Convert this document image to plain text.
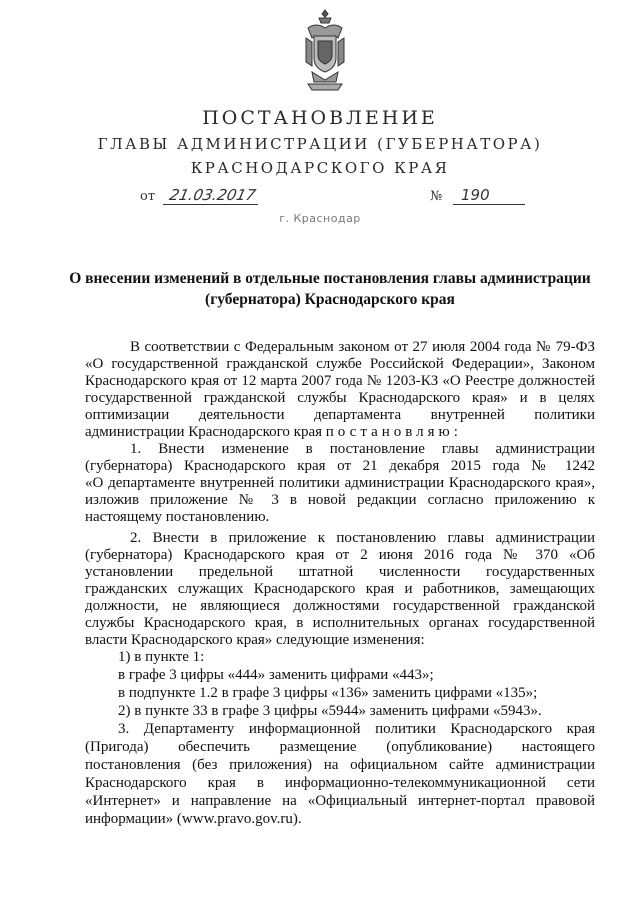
ПОСТАНОВЛЕНИЕ
ГЛАВЫ АДМИНИСТРАЦИИ (ГУБЕРНАТОРА)
КРАСНОДАРСКОГО КРАЯ
от 21.03.2017	№	190
г. Краснодар
О внесении изменений в отдельные постановления главы администрации
(губернатора) Краснодарского края
В соответствии с Федеральным законом от 27 июля 2004 года № 79-ФЗ
«О государственной гражданской службе Российской Федерации», Законом
Краснодарского края от 12 марта 2007 года № 1203-КЗ «О Реестре должностей
государственной гражданской службы Краснодарского края» и в целях
оптимизации деятельности департамента внутренней политики
администрации Краснодарского края постановляю:
1. Внести изменение в постановление главы администрации
(губернатора) Краснодарского края от 21 декабря 2015 года № 1242
«О департаменте внутренней политики администрации Краснодарского края»,
изложив приложение № 3 в новой редакции согласно приложению к
настоящему постановлению.
2. Внести в приложение к постановлению главы администрации
(губернатора) Краснодарского края от 2 июня 2016 года № 370 «Об
установлении предельной штатной численности государственных
гражданских служащих Краснодарского края и работников, замещающих
должности, не являющиеся должностями государственной гражданской
службы Краснодарского края, в исполнительных органах государственной
власти Краснодарского края» следующие изменения:
1) в пункте 1:
в графе 3 цифры «444» заменить цифрами «443»;
в подпункте 1.2 в графе 3 цифры «136» заменить цифрами «135»;
2) в пункте 33 в графе 3 цифры «5944» заменить цифрами «5943».
3. Департаменту информационной политики Краснодарского края
(Пригода) обеспечить размещение (опубликование) настоящего
постановления (без приложения) на официальном сайте администрации
Краснодарского края в информационно-телекоммуникационной сети
«Интернет» и направление на «Официальный интернет-портал правовой
информации» (www.pravo.gov.ru).
